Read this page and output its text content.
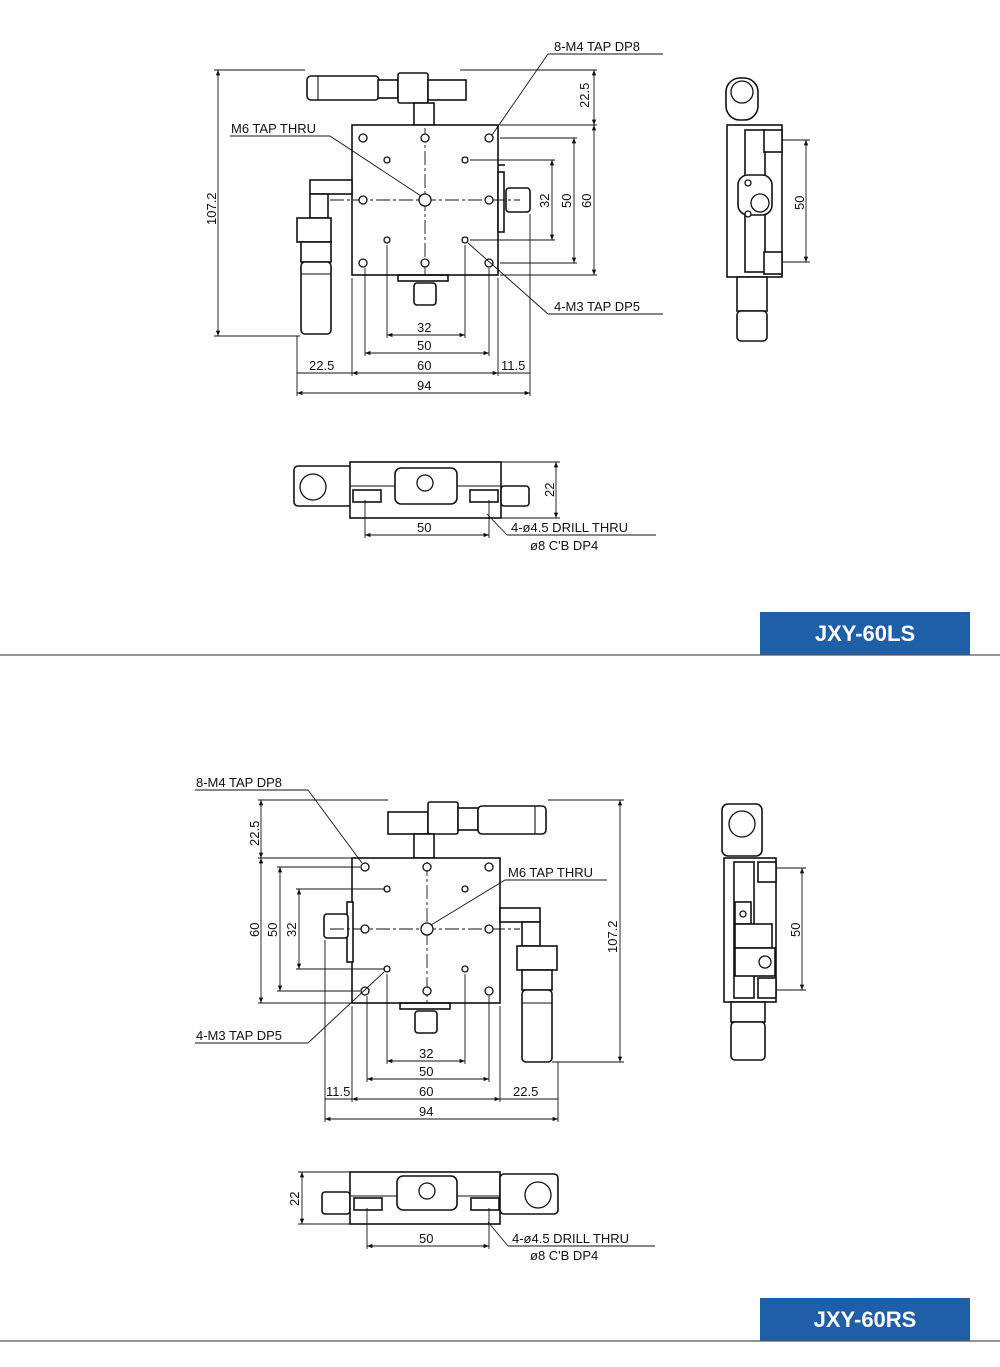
8-M4 TAP DP8
M6 TAP THRU
4-M3 TAP DP5
22.5
32 50 60
107.2
32
50
60
22.5	11.5
94
50
22
50	4-ø4.5 DRILL THRU
ø8 C'B DP4
JXY-60LS
8-M4 TAP DP8
M6 TAP THRU
4-M3 TAP DP5
22.5
32
50
60	107.2
32
50
60
11.5	22.5
94
50
22
50	4-ø4.5 DRILL THRU
ø8 C'B DP4
JXY-60RS
